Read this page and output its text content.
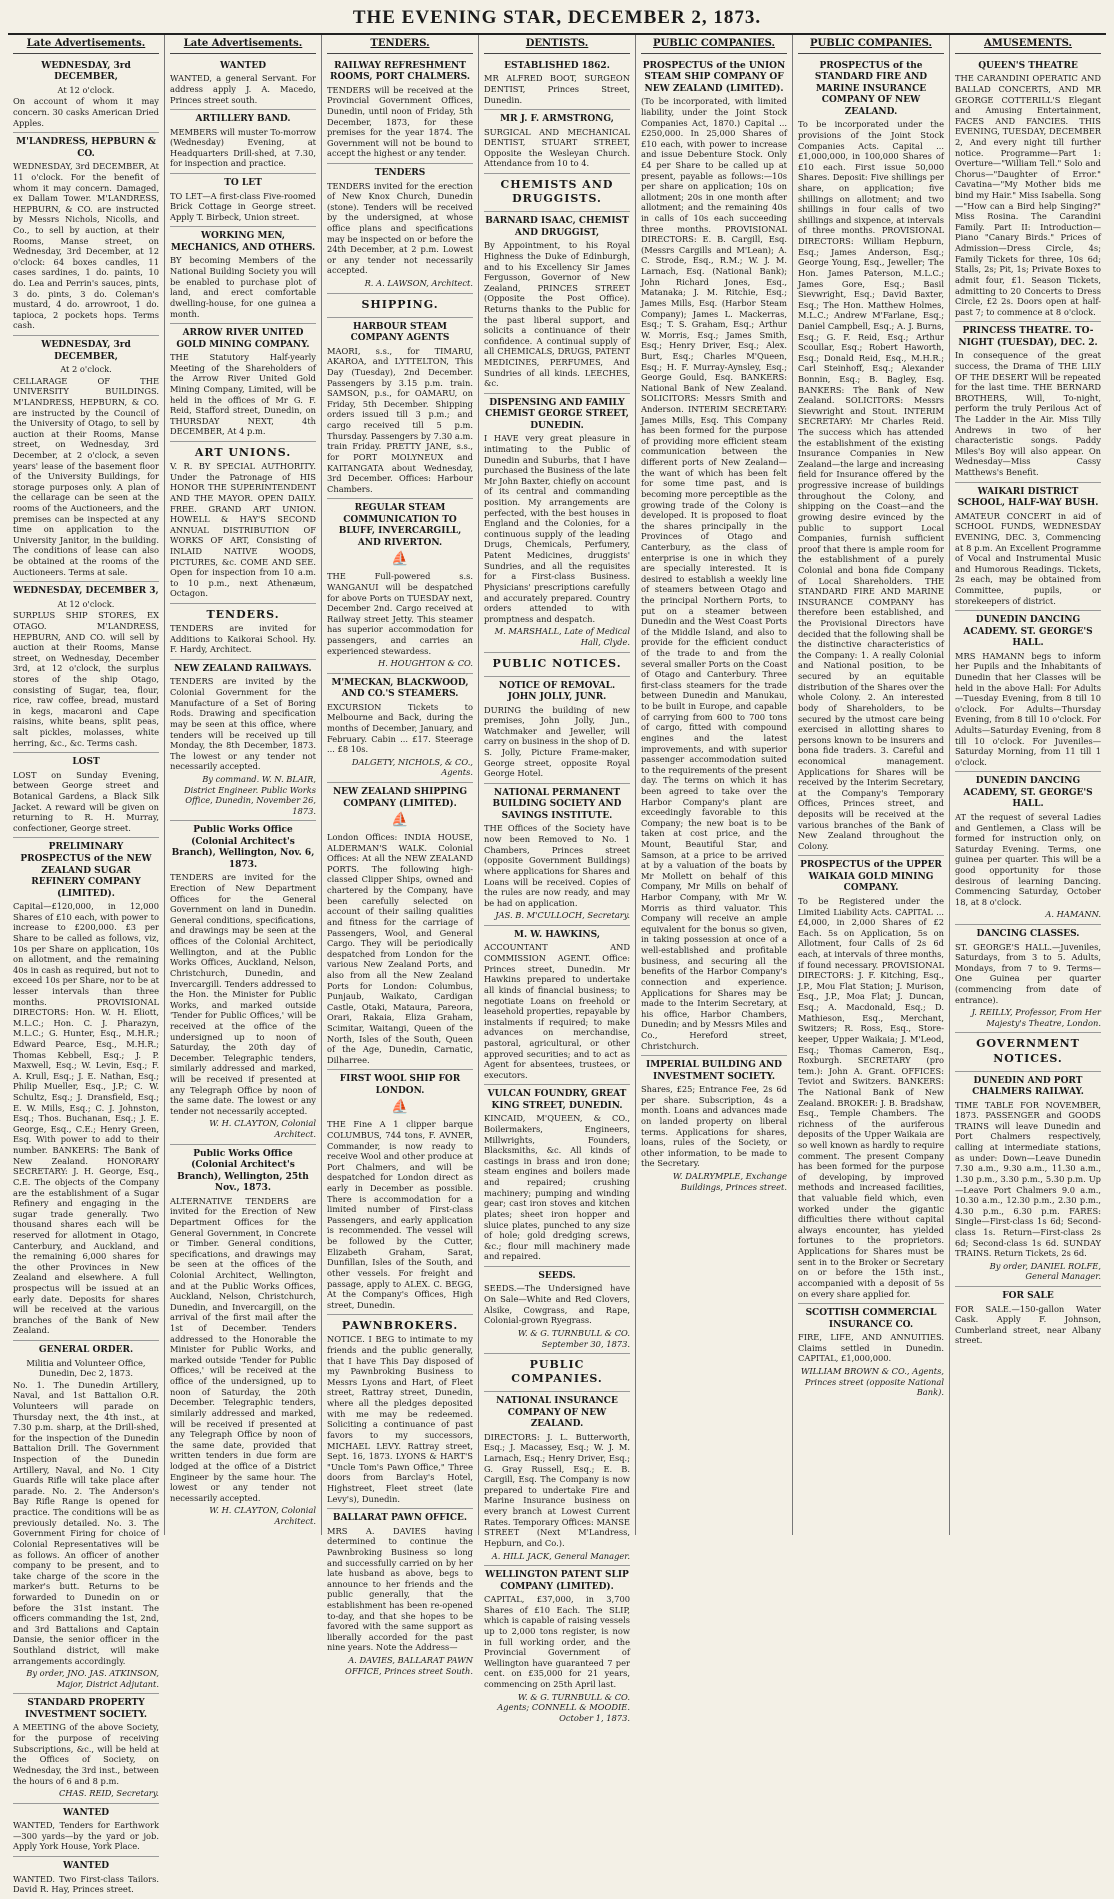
THE EVENING STAR, DECEMBER 2, 1873.
Late Advertisements.
WEDNESDAY, 3rd DECEMBER,
At 12 o'clock.

On account of whom it may concern. 30 casks American Dried Apples.

M'LANDRESS, HEPBURN & CO.

WEDNESDAY, 3rd DECEMBER, At 11 o'clock. For the benefit of whom it may concern. Damaged, ex Dallam Tower. M'LANDRESS, HEPBURN, & CO. are instructed by Messrs Nichols, Nicolls, and Co., to sell by auction, at their Rooms, Manse street, on Wednesday, 3rd December, at 12 o'clock: 64 boxes candles, 11 cases sardines, 1 do. paints, 10 do. Lea and Perrin's sauces, pints, 3 do. pints, 3 do. Coleman's mustard, 4 do. arrowroot, 1 do. tapioca, 2 pockets hops. Terms cash.

WEDNESDAY, 3rd DECEMBER,
At 2 o'clock.

CELLARAGE OF THE UNIVERSITY BUILDINGS. M'LANDRESS, HEPBURN, & CO. are instructed by the Council of the University of Otago, to sell by auction at their Rooms, Manse street, on Wednesday, 3rd December, at 2 o'clock, a seven years' lease of the basement floor of the University Buildings, for storage purposes only. A plan of the cellarage can be seen at the rooms of the Auctioneers, and the premises can be inspected at any time on application to the University Janitor, in the building. The conditions of lease can also be obtained at the rooms of the Auctioneers. Terms at sale.

WEDNESDAY, DECEMBER 3,
At 12 o'clock.

SURPLUS SHIP STORES, EX OTAGO. M'LANDRESS, HEPBURN, AND CO. will sell by auction at their Rooms, Manse street, on Wednesday, December 3rd, at 12 o'clock, the surplus stores of the ship Otago, consisting of Sugar, tea, flour, rice, raw coffee, bread, mustard in kegs, macaroni and Cape raisins, white beans, split peas, salt pickles, molasses, white herring, &c., &c. Terms cash.

LOST

LOST on Sunday Evening, between George street and Botanical Gardens, a Black Silk Jacket. A reward will be given on returning to R. H. Murray, confectioner, George street.

PRELIMINARY PROSPECTUS of the NEW ZEALAND SUGAR REFINERY COMPANY (LIMITED).

Capital—£120,000, in 12,000 Shares of £10 each, with power to increase to £200,000. £3 per Share to be called as follows, viz, 10s per Share on application, 10s on allotment, and the remaining 40s in cash as required, but not to exceed 10s per Share, nor to be at lesser intervals than three months. PROVISIONAL DIRECTORS: Hon. W. H. Eliott, M.L.C.; Hon. C. J. Pharazyn, M.L.C.; G. Hunter, Esq., M.H.R.; Edward Pearce, Esq., M.H.R.; Thomas Kebbell, Esq.; J. P. Maxwell, Esq.; W. Levin, Esq.; F. A. Krull, Esq.; J. E. Nathan, Esq.; Philip Mueller, Esq., J.P.; C. W. Schultz, Esq.; J. Dransfield, Esq.; E. W. Mills, Esq.; C. J. Johnston, Esq.; Thos. Buchanan, Esq.; J. E. George, Esq., C.E.; Henry Green, Esq. With power to add to their number. BANKERS: The Bank of New Zealand. HONORARY SECRETARY: J. H. George, Esq., C.E. The objects of the Company are the establishment of a Sugar Refinery and engaging in the sugar trade generally. Two thousand shares each will be reserved for allotment in Otago, Canterbury, and Auckland, and the remaining 6,000 shares for the other Provinces in New Zealand and elsewhere. A full prospectus will be issued at an early date. Deposits for shares will be received at the various branches of the Bank of New Zealand.

GENERAL ORDER.
Militia and Volunteer Office, Dunedin, Dec 2, 1873.

No. 1. The Dunedin Artillery, Naval, and 1st Battalion O.R. Volunteers will parade on Thursday next, the 4th inst., at 7.30 p.m. sharp, at the Drill-shed, for the inspection of the Dunedin Battalion Drill. The Government Inspection of the Dunedin Artillery, Naval, and No. 1 City Guards Rifle will take place after parade. No. 2. The Anderson's Bay Rifle Range is opened for practice. The conditions will be as previously detailed. No. 3. The Government Firing for choice of Colonial Representatives will be as follows. An officer of another company to be present, and to take charge of the score in the marker's butt. Returns to be forwarded to Dunedin on or before the 31st instant. The officers commanding the 1st, 2nd, and 3rd Battalions and Captain Dansie, the senior officer in the Southland district, will make arrangements accordingly.

By order, JNO. JAS. ATKINSON, Major, District Adjutant.
STANDARD PROPERTY INVESTMENT SOCIETY.

A MEETING of the above Society, for the purpose of receiving Subscriptions, &c., will be held at the Offices of Society, on Wednesday, the 3rd inst., between the hours of 6 and 8 p.m.

CHAS. REID, Secretary.
WANTED

WANTED, Tenders for Earthwork—300 yards—by the yard or job. Apply York House, York Place.

WANTED

WANTED. Two First-class Tailors. David R. Hay, Princes street.

Late Advertisements.
WANTED

WANTED, a general Servant. For address apply J. A. Macedo, Princes street south.

ARTILLERY BAND.

MEMBERS will muster To-morrow (Wednesday) Evening, at Headquarters Drill-shed, at 7.30, for inspection and practice.

TO LET

TO LET—A first-class Five-roomed Brick Cottage in George street. Apply T. Birbeck, Union street.

WORKING MEN, MECHANICS, AND OTHERS.

BY becoming Members of the National Building Society you will be enabled to purchase plot of land, and erect comfortable dwelling-house, for one guinea a month.

ARROW RIVER UNITED GOLD MINING COMPANY.

THE Statutory Half-yearly Meeting of the Shareholders of the Arrow River United Gold Mining Company, Limited, will be held in the offices of Mr G. F. Reid, Stafford street, Dunedin, on THURSDAY NEXT, 4th DECEMBER, At 4 p.m.

ART UNIONS.

V. R. BY SPECIAL AUTHORITY. Under the Patronage of HIS HONOR THE SUPERINTENDENT AND THE MAYOR. OPEN DAILY. FREE. GRAND ART UNION. HOWELL & HAY'S SECOND ANNUAL DISTRIBUTION OF WORKS OF ART, Consisting of INLAID NATIVE WOODS, PICTURES, &c. COME AND SEE. Open for inspection from 10 a.m. to 10 p.m., next Athenæum, Octagon.

TENDERS.

TENDERS are invited for Additions to Kaikorai School. Hy. F. Hardy, Architect.

NEW ZEALAND RAILWAYS.

TENDERS are invited by the Colonial Government for the Manufacture of a Set of Boring Rods. Drawing and specification may be seen at this office, where tenders will be received up till Monday, the 8th December, 1873. The lowest or any tender not necessarily accepted.

By command. W. N. BLAIR, District Engineer. Public Works Office, Dunedin, November 26, 1873.
Public Works Office (Colonial Architect's Branch), Wellington, Nov. 6, 1873.

TENDERS are invited for the Erection of New Department Offices for the General Government on land in Dunedin. General conditions, specifications, and drawings may be seen at the offices of the Colonial Architect, Wellington, and at the Public Works Offices, Auckland, Nelson, Christchurch, Dunedin, and Invercargill. Tenders addressed to the Hon. the Minister for Public Works, and marked outside 'Tender for Public Offices,' will be received at the office of the undersigned up to noon of Saturday, the 20th day of December. Telegraphic tenders, similarly addressed and marked, will be received if presented at any Telegraph Office by noon of the same date. The lowest or any tender not necessarily accepted.

W. H. CLAYTON, Colonial Architect.
Public Works Office (Colonial Architect's Branch), Wellington, 25th Nov., 1873.

ALTERNATIVE TENDERS are invited for the Erection of New Department Offices for the General Government, in Concrete or Timber. General conditions, specifications, and drawings may be seen at the offices of the Colonial Architect, Wellington, and at the Public Works Offices, Auckland, Nelson, Christchurch, Dunedin, and Invercargill, on the arrival of the first mail after the 1st of December. Tenders addressed to the Honorable the Minister for Public Works, and marked outside 'Tender for Public Offices,' will be received at the office of the undersigned, up to noon of Saturday, the 20th December. Telegraphic tenders, similarly addressed and marked, will be received if presented at any Telegraph Office by noon of the same date, provided that written tenders in due form are lodged at the office of a District Engineer by the same hour. The lowest or any tender not necessarily accepted.

W. H. CLAYTON, Colonial Architect.
TENDERS.
RAILWAY REFRESHMENT ROOMS, PORT CHALMERS.

TENDERS will be received at the Provincial Government Offices, Dunedin, until noon of Friday, 5th December, 1873, for these premises for the year 1874. The Government will not be bound to accept the highest or any tender.

TENDERS

TENDERS invited for the erection of New Knox Church, Dunedin (stone). Tenders will be received by the undersigned, at whose office plans and specifications may be inspected on or before the 24th December, at 2 p.m. Lowest or any tender not necessarily accepted.

R. A. LAWSON, Architect.
SHIPPING.
HARBOUR STEAM COMPANY AGENTS

MAORI, s.s., for TIMARU, AKAROA, and LYTTELTON, This Day (Tuesday), 2nd December. Passengers by 3.15 p.m. train. SAMSON, p.s., for OAMARU, on Friday, 5th December. Shipping orders issued till 3 p.m.; and cargo received till 5 p.m. Thursday. Passengers by 7.30 a.m. train Friday. PRETTY JANE, s.s., for PORT MOLYNEUX and KAITANGATA about Wednesday, 3rd December. Offices: Harbour Chambers.

REGULAR STEAM COMMUNICATION TO BLUFF, INVERCARGILL, AND RIVERTON.
⛵

THE Full-powered s.s. WANGANUI will be despatched for above Ports on TUESDAY next, December 2nd. Cargo received at Railway street Jetty. This steamer has superior accommodation for passengers, and carries an experienced stewardess.

H. HOUGHTON & CO.
M'MECKAN, BLACKWOOD, AND CO.'S STEAMERS.

EXCURSION Tickets to Melbourne and Back, during the months of December, January, and February. Cabin ... £17. Steerage ... £8 10s.

DALGETY, NICHOLS, & CO., Agents.
NEW ZEALAND SHIPPING COMPANY (LIMITED).
⛵

London Offices: INDIA HOUSE, ALDERMAN'S WALK. Colonial Offices: At all the NEW ZEALAND PORTS. The following high-classed Clipper Ships, owned and chartered by the Company, have been carefully selected on account of their sailing qualities and fitness for the carriage of Passengers, Wool, and General Cargo. They will be periodically despatched from London for the various New Zealand Ports, and also from all the New Zealand Ports for London: Columbus, Punjaub, Waikato, Cardigan Castle, Otaki, Mataura, Pareora, Orari, Rakaia, Eliza Graham, Scimitar, Waitangi, Queen of the North, Isles of the South, Queen of the Age, Dunedin, Carnatic, Dilharree.

FIRST WOOL SHIP FOR LONDON.
⛵

THE Fine A 1 clipper barque COLUMBUS, 744 tons, F. AVNER, Commander, is now ready to receive Wool and other produce at Port Chalmers, and will be despatched for London direct as early in December as possible. There is accommodation for a limited number of First-class Passengers, and early application is recommended. The vessel will be followed by the Cutter, Elizabeth Graham, Sarat, Dunfillan, Isles of the South, and other vessels. For freight and passage, apply to ALEX. C. BEGG, At the Company's Offices, High street, Dunedin.

PAWNBROKERS.

NOTICE. I BEG to intimate to my friends and the public generally, that I have This Day disposed of my Pawnbroking Business to Messrs Lyons and Hart, of Fleet street, Rattray street, Dunedin, where all the pledges deposited with me may be redeemed. Soliciting a continuance of past favors to my successors, MICHAEL LEVY. Rattray street, Sept. 16, 1873. LYONS & HART'S "Uncle Tom's Pawn Office," Three doors from Barclay's Hotel, Highstreet, Fleet street (late Levy's), Dunedin.

BALLARAT PAWN OFFICE.

MRS A. DAVIES having determined to continue the Pawnbroking Business so long and successfully carried on by her late husband as above, begs to announce to her friends and the public generally, that the establishment has been re-opened to-day, and that she hopes to be favored with the same support as liberally accorded for the past nine years. Note the Address—

A. DAVIES, BALLARAT PAWN OFFICE, Princes street South.
DENTISTS.
ESTABLISHED 1862.

MR ALFRED BOOT, SURGEON DENTIST, Princes Street, Dunedin.

MR J. F. ARMSTRONG,

SURGICAL AND MECHANICAL DENTIST, STUART STREET, Opposite the Wesleyan Church. Attendance from 10 to 4.

CHEMISTS AND DRUGGISTS.
BARNARD ISAAC, CHEMIST AND DRUGGIST,

By Appointment, to his Royal Highness the Duke of Edinburgh, and to his Excellency Sir James Fergusson, Governor of New Zealand, PRINCES STREET (Opposite the Post Office). Returns thanks to the Public for the past liberal support, and solicits a continuance of their confidence. A continual supply of all CHEMICALS, DRUGS, PATENT MEDICINES, PERFUMES, And Sundries of all kinds. LEECHES, &c.

DISPENSING AND FAMILY CHEMIST GEORGE STREET, DUNEDIN.

I HAVE very great pleasure in intimating to the Public of Dunedin and Suburbs, that I have purchased the Business of the late Mr John Baxter, chiefly on account of its central and commanding position. My arrangements are perfected, with the best houses in England and the Colonies, for a continuous supply of the leading Drugs, Chemicals, Perfumery, Patent Medicines, druggists' Sundries, and all the requisites for a First-class Business. Physicians' prescriptions carefully and accurately prepared. Country orders attended to with promptness and despatch.

M. MARSHALL, Late of Medical Hall, Clyde.
PUBLIC NOTICES.
NOTICE OF REMOVAL. JOHN JOLLY, JUNR.

DURING the building of new premises, John Jolly, Jun., Watchmaker and Jeweller, will carry on business in the shop of D. S. Jolly, Picture Frame-maker, George street, opposite Royal George Hotel.

NATIONAL PERMANENT BUILDING SOCIETY AND SAVINGS INSTITUTE.

THE Offices of the Society have now been Removed to No. 1 Chambers, Princes street (opposite Government Buildings) where applications for Shares and Loans will be received. Copies of the rules are now ready, and may be had on application.

JAS. B. M'CULLOCH, Secretary.
M. W. HAWKINS,

ACCOUNTANT AND COMMISSION AGENT. Office: Princes street, Dunedin. Mr Hawkins prepared to undertake all kinds of financial business; to negotiate Loans on freehold or leasehold properties, repayable by instalments if required; to make advances on merchandise, pastoral, agricultural, or other approved securities; and to act as Agent for absentees, trustees, or executors.

VULCAN FOUNDRY, GREAT KING STREET, DUNEDIN.

KINCAID, M'QUEEN, & CO., Boilermakers, Engineers, Millwrights, Founders, Blacksmiths, &c. All kinds of castings in brass and iron done; steam engines and boilers made and repaired; crushing machinery; pumping and winding gear; cast iron stoves and kitchen plates; sheet iron hopper and sluice plates, punched to any size of hole; gold dredging screws, &c.; flour mill machinery made and repaired.

SEEDS.

SEEDS.—The Undersigned have On Sale—White and Red Clovers, Alsike, Cowgrass, and Rape, Colonial-grown Ryegrass.

W. & G. TURNBULL & CO. September 30, 1873.
PUBLIC COMPANIES.
NATIONAL INSURANCE COMPANY OF NEW ZEALAND.

DIRECTORS: J. L. Butterworth, Esq.; J. Macassey, Esq.; W. J. M. Larnach, Esq.; Henry Driver, Esq.; G. Gray Russell, Esq.; E. B. Cargill, Esq. The Company is now prepared to undertake Fire and Marine Insurance business on every branch at Lowest Current Rates. Temporary Offices: MANSE STREET (Next M'Landress, Hepburn, and Co.).

A. HILL JACK, General Manager.
WELLINGTON PATENT SLIP COMPANY (LIMITED).

CAPITAL, £37,000, in 3,700 Shares of £10 Each. The SLIP, which is capable of raising vessels up to 2,000 tons register, is now in full working order, and the Provincial Government of Wellington have guaranteed 7 per cent. on £35,000 for 21 years, commencing on 25th April last.

W. & G. TURNBULL & CO. Agents; CONNELL & MOODIE. October 1, 1873.
PUBLIC COMPANIES.
PROSPECTUS of the UNION STEAM SHIP COMPANY OF NEW ZEALAND (LIMITED).

(To be incorporated, with limited liability, under the Joint Stock Companies Act, 1870.) Capital ... £250,000. In 25,000 Shares of £10 each, with power to increase and issue Debenture Stock. Only £4 per Share to be called up at present, payable as follows:—10s per share on application; 10s on allotment; 20s in one month after allotment; and the remaining 40s in calls of 10s each succeeding three months. PROVISIONAL DIRECTORS: E. B. Cargill, Esq. (Messrs Cargills and M'Lean); A. C. Strode, Esq., R.M.; W. J. M. Larnach, Esq. (National Bank); John Richard Jones, Esq., Matanaka; J. M. Ritchie, Esq.; James Mills, Esq. (Harbor Steam Company); James L. Mackerras, Esq.; T. S. Graham, Esq.; Arthur W. Morris, Esq.; James Smith, Esq.; Henry Driver, Esq.; Alex. Burt, Esq.; Charles M'Queen, Esq.; H. F. Murray-Aynsley, Esq.; George Gould, Esq. BANKERS: National Bank of New Zealand. SOLICITORS: Messrs Smith and Anderson. INTERIM SECRETARY: James Mills, Esq. This Company has been formed for the purpose of providing more efficient steam communication between the different ports of New Zealand—the want of which has been felt for some time past, and is becoming more perceptible as the growing trade of the Colony is developed. It is proposed to float the shares principally in the Provinces of Otago and Canterbury, as the class of enterprise is one in which they are specially interested. It is desired to establish a weekly line of steamers between Otago and the principal Northern Ports, to put on a steamer between Dunedin and the West Coast Ports of the Middle Island, and also to provide for the efficient conduct of the trade to and from the several smaller Ports on the Coast of Otago and Canterbury. Three first-class steamers for the trade between Dunedin and Manukau, to be built in Europe, and capable of carrying from 600 to 700 tons of cargo, fitted with compound engines and the latest improvements, and with superior passenger accommodation suited to the requirements of the present day. The terms on which it has been agreed to take over the Harbor Company's plant are exceedingly favorable to this Company; the new boat is to be taken at cost price, and the Mount, Beautiful Star, and Samson, at a price to be arrived at by a valuation of the boats by Mr Mollett on behalf of this Company, Mr Mills on behalf of Harbor Company, with Mr W. Morris as third valuator. This Company will receive an ample equivalent for the bonus so given, in taking possession at once of a well-established and profitable business, and securing all the benefits of the Harbor Company's connection and experience. Applications for Shares may be made to the Interim Secretary, at his office, Harbor Chambers, Dunedin; and by Messrs Miles and Co., Hereford street, Christchurch.

IMPERIAL BUILDING AND INVESTMENT SOCIETY.

Shares, £25; Entrance Fee, 2s 6d per share. Subscription, 4s a month. Loans and advances made on landed property on liberal terms. Applications for shares, loans, rules of the Society, or other information, to be made to the Secretary.

W. DALRYMPLE, Exchange Buildings, Princes street.
PUBLIC COMPANIES.
PROSPECTUS of the STANDARD FIRE AND MARINE INSURANCE COMPANY OF NEW ZEALAND.

To be incorporated under the provisions of the Joint Stock Companies Acts. Capital ... £1,000,000, in 100,000 Shares of £10 each. First issue 50,000 Shares. Deposit: Five shillings per share, on application; five shillings on allotment; and two shillings in four calls of two shillings and sixpence, at intervals of three months. PROVISIONAL DIRECTORS: William Hepburn, Esq.; James Anderson, Esq.; George Young, Esq., Jeweller; The Hon. James Paterson, M.L.C.; James Gore, Esq.; Basil Sievwright, Esq.; David Baxter, Esq.; The Hon. Matthew Holmes, M.L.C.; Andrew M'Farlane, Esq.; Daniel Campbell, Esq.; A. J. Burns, Esq.; G. F. Reid, Esq.; Arthur Scoullar, Esq.; Robert Haworth, Esq.; Donald Reid, Esq., M.H.R.; Carl Steinhoff, Esq.; Alexander Bonnin, Esq.; B. Bagley, Esq. BANKERS: The Bank of New Zealand. SOLICITORS: Messrs Sievwright and Stout. INTERIM SECRETARY: Mr Charles Reid. The success which has attended the establishment of the existing Insurance Companies in New Zealand—the large and increasing field for Insurance offered by the progressive increase of buildings throughout the Colony, and shipping on the Coast—and the growing desire evinced by the public to support Local Companies, furnish sufficient proof that there is ample room for the establishment of a purely Colonial and bona fide Company of Local Shareholders. THE STANDARD FIRE AND MARINE INSURANCE COMPANY has therefore been established, and the Provisional Directors have decided that the following shall be the distinctive characteristics of the Company: 1. A really Colonial and National position, to be secured by an equitable distribution of the Shares over the whole Colony. 2. An interested body of Shareholders, to be secured by the utmost care being exercised in allotting shares to persons known to be insurers and bona fide traders. 3. Careful and economical management. Applications for Shares will be received by the Interim Secretary, at the Company's Temporary Offices, Princes street, and deposits will be received at the various branches of the Bank of New Zealand throughout the Colony.

PROSPECTUS of the UPPER WAIKAIA GOLD MINING COMPANY.

To be Registered under the Limited Liability Acts. CAPITAL ... £4,000, in 2,000 Shares of £2 Each. 5s on Application, 5s on Allotment, four Calls of 2s 6d each, at intervals of three months, if found necessary. PROVISIONAL DIRECTORS: J. F. Kitching, Esq., J.P., Mou Flat Station; J. Murison, Esq., J.P., Moa Flat; J. Duncan, Esq.; A. Macdonald, Esq.; D. Mathieson, Esq., Merchant, Switzers; R. Ross, Esq., Store-keeper, Upper Waikaia; J. M'Leod, Esq.; Thomas Cameron, Esq., Roxburgh. SECRETARY (pro tem.): John A. Grant. OFFICES: Teviot and Switzers. BANKERS: The National Bank of New Zealand. BROKER: J. B. Bradshaw, Esq., Temple Chambers. The richness of the auriferous deposits of the Upper Waikaia are so well known as hardly to require comment. The present Company has been formed for the purpose of developing, by improved methods and increased facilities, that valuable field which, even worked under the gigantic difficulties there without capital always encounter, has yielded fortunes to the proprietors. Applications for Shares must be sent in to the Broker or Secretary on or before the 15th inst., accompanied with a deposit of 5s on every share applied for.

SCOTTISH COMMERCIAL INSURANCE CO.

FIRE, LIFE, AND ANNUITIES. Claims settled in Dunedin. CAPITAL, £1,000,000.

WILLIAM BROWN & CO., Agents, Princes street (opposite National Bank).
AMUSEMENTS.
QUEEN'S THEATRE

THE CARANDINI OPERATIC AND BALLAD CONCERTS, AND MR GEORGE COTTERILL'S Elegant and Amusing Entertainment, FACES AND FANCIES. THIS EVENING, TUESDAY, DECEMBER 2, And every night till further notice. Programme—Part 1: Overture—"William Tell." Solo and Chorus—"Daughter of Error." Cavatina—"My Mother bids me bind my Hair." Miss Isabella. Song—"How can a Bird help Singing?" Miss Rosina. The Carandini Family. Part II: Introduction—Piano "Canary Birds." Prices of Admission—Dress Circle, 4s; Family Tickets for three, 10s 6d; Stalls, 2s; Pit, 1s; Private Boxes to admit four, £1. Season Tickets, admitting to 20 Concerts to Dress Circle, £2 2s. Doors open at half-past 7; to commence at 8 o'clock.

PRINCESS THEATRE. TO-NIGHT (TUESDAY), DEC. 2.

In consequence of the great success, the Drama of THE LILY OF THE DESERT Will be repeated for the last time. THE BERNARD BROTHERS, Will, To-night, perform the truly Perilous Act of The Ladder in the Air. Miss Tilly Andrews in two of her characteristic songs. Paddy Miles's Boy will also appear. On Wednesday—Miss Cassy Matthews's Benefit.

WAIKARI DISTRICT SCHOOL, HALF-WAY BUSH.

AMATEUR CONCERT in aid of SCHOOL FUNDS, WEDNESDAY EVENING, DEC. 3, Commencing at 8 p.m. An Excellent Programme of Vocal and Instrumental Music and Humorous Readings. Tickets, 2s each, may be obtained from Committee, pupils, or storekeepers of district.

DUNEDIN DANCING ACADEMY. ST. GEORGE'S HALL.

MRS HAMANN begs to inform her Pupils and the Inhabitants of Dunedin that her Classes will be held in the above Hall: For Adults—Tuesday Evening, from 8 till 10 o'clock. For Adults—Thursday Evening, from 8 till 10 o'clock. For Adults—Saturday Evening, from 8 till 10 o'clock. For Juveniles—Saturday Morning, from 11 till 1 o'clock.

DUNEDIN DANCING ACADEMY, ST. GEORGE'S HALL.

AT the request of several Ladies and Gentlemen, a Class will be formed for instruction only, on Saturday Evening. Terms, one guinea per quarter. This will be a good opportunity for those desirous of learning Dancing. Commencing Saturday, October 18, at 8 o'clock.

A. HAMANN.
DANCING CLASSES.

ST. GEORGE'S HALL.—Juveniles, Saturdays, from 3 to 5. Adults, Mondays, from 7 to 9. Terms—One Guinea per quarter (commencing from date of entrance).

J. REILLY, Professor, From Her Majesty's Theatre, London.
GOVERNMENT NOTICES.
DUNEDIN AND PORT CHALMERS RAILWAY.

TIME TABLE FOR NOVEMBER, 1873. PASSENGER and GOODS TRAINS will leave Dunedin and Port Chalmers respectively, calling at intermediate stations, as under: Down—Leave Dunedin 7.30 a.m., 9.30 a.m., 11.30 a.m., 1.30 p.m., 3.30 p.m., 5.30 p.m. Up—Leave Port Chalmers 9.0 a.m., 10.30 a.m., 12.30 p.m., 2.30 p.m., 4.30 p.m., 6.30 p.m. FARES: Single—First-class 1s 6d; Second-class 1s. Return—First-class 2s 6d; Second-class 1s 6d. SUNDAY TRAINS. Return Tickets, 2s 6d.

By order, DANIEL ROLFE, General Manager.
FOR SALE

FOR SALE.—150-gallon Water Cask. Apply F. Johnson, Cumberland street, near Albany street.
